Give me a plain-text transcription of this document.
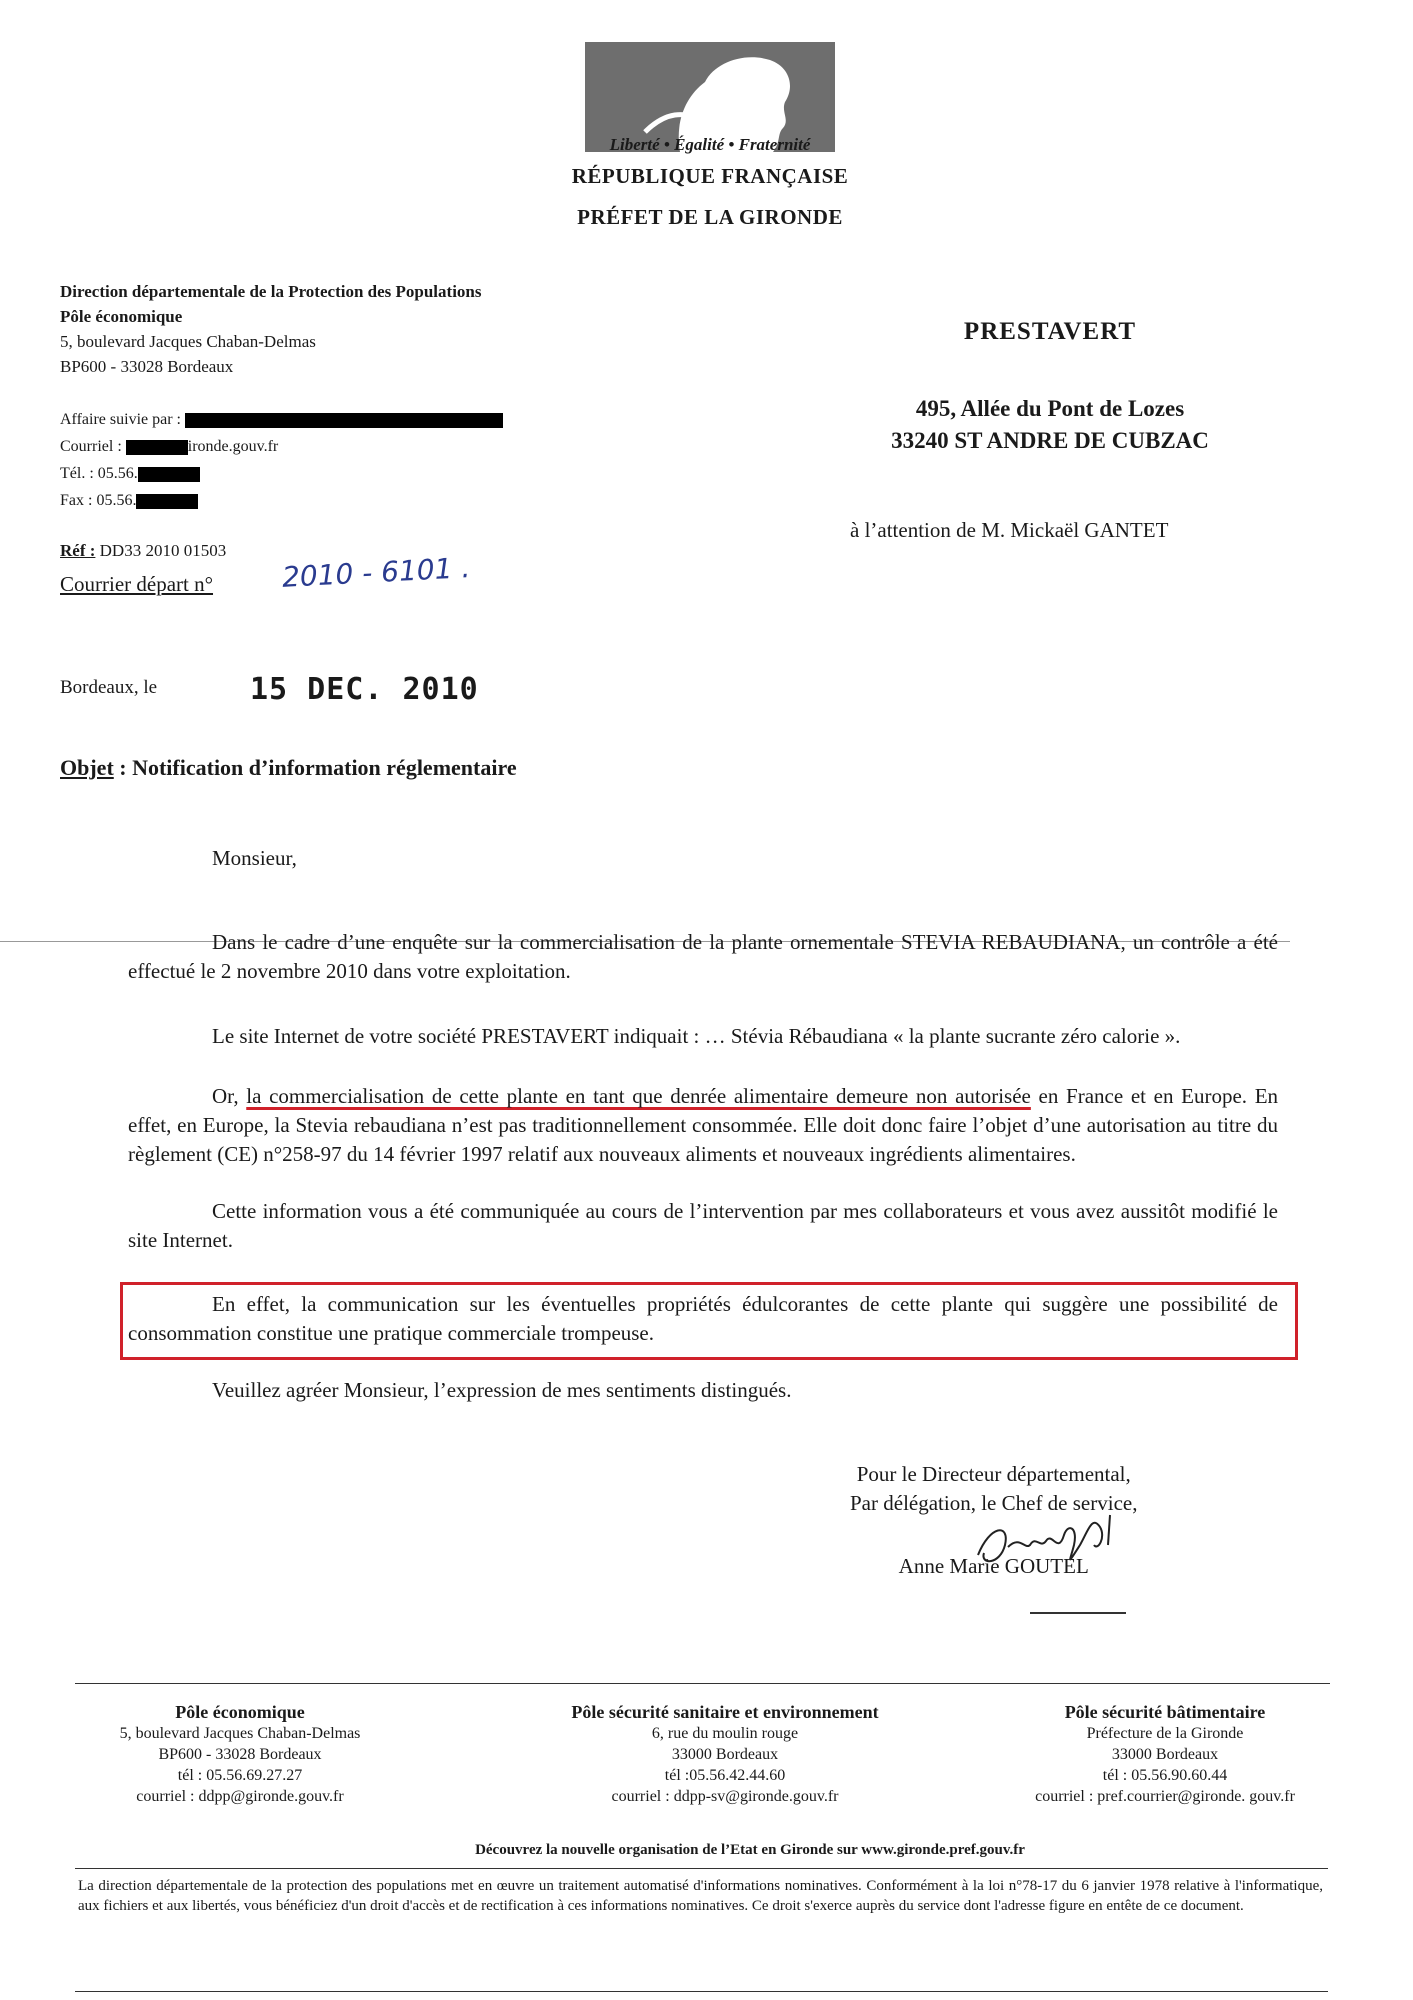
Liberté • Égalité • Fraternité
RÉPUBLIQUE FRANÇAISE
PRÉFET DE LA GIRONDE
Direction départementale de la Protection des Populations
Pôle économique
5, boulevard Jacques Chaban-Delmas
BP600 - 33028 Bordeaux
Affaire suivie par :
Courriel :	ironde.gouv.fr
Tél. : 05.56.
Fax : 05.56.
Réf : DD33 2010 01503
Courrier départ n° 2010 - 6101 .
PRESTAVERT
495, Allée du Pont de Lozes
33240 ST ANDRE DE CUBZAC
à l’attention de M. Mickaël GANTET
Bordeaux, le	15 DEC. 2010
Objet : Notification d’information réglementaire
Monsieur,
Dans le cadre d’une enquête sur la commercialisation de la plante ornementale STEVIA REBAUDIANA, un contrôle a été effectué le 2 novembre 2010 dans votre exploitation.
Le site Internet de votre société PRESTAVERT indiquait : … Stévia Rébaudiana « la plante sucrante zéro calorie ».
Or, la commercialisation de cette plante en tant que denrée alimentaire demeure non autorisée en France et en Europe. En effet, en Europe, la Stevia rebaudiana n’est pas traditionnellement consommée. Elle doit donc faire l’objet d’une autorisation au titre du règlement (CE) n°258-97 du 14 février 1997 relatif aux nouveaux aliments et nouveaux ingrédients alimentaires.
Cette information vous a été communiquée au cours de l’intervention par mes collaborateurs et vous avez aussitôt modifié le site Internet.
En effet, la communication sur les éventuelles propriétés édulcorantes de cette plante qui suggère une possibilité de consommation constitue une pratique commerciale trompeuse.
Veuillez agréer Monsieur, l’expression de mes sentiments distingués.
Pour le Directeur départemental,
Par délégation, le Chef de service,
Anne Marie GOUTEL
Pôle économique
5, boulevard Jacques Chaban-Delmas
BP600 - 33028 Bordeaux
tél : 05.56.69.27.27
courriel : ddpp@gironde.gouv.fr
Pôle sécurité sanitaire et environnement
6, rue du moulin rouge
33000 Bordeaux
tél :05.56.42.44.60
courriel : ddpp-sv@gironde.gouv.fr
Pôle sécurité bâtimentaire
Préfecture de la Gironde
33000 Bordeaux
tél : 05.56.90.60.44
courriel : pref.courrier@gironde. gouv.fr
Découvrez la nouvelle organisation de l’Etat en Gironde sur www.gironde.pref.gouv.fr
La direction départementale de la protection des populations met en œuvre un traitement automatisé d'informations nominatives. Conformément à la loi n°78-17 du 6 janvier 1978 relative à l'informatique, aux fichiers et aux libertés, vous bénéficiez d'un droit d'accès et de rectification à ces informations nominatives. Ce droit s'exerce auprès du service dont l'adresse figure en entête de ce document.
